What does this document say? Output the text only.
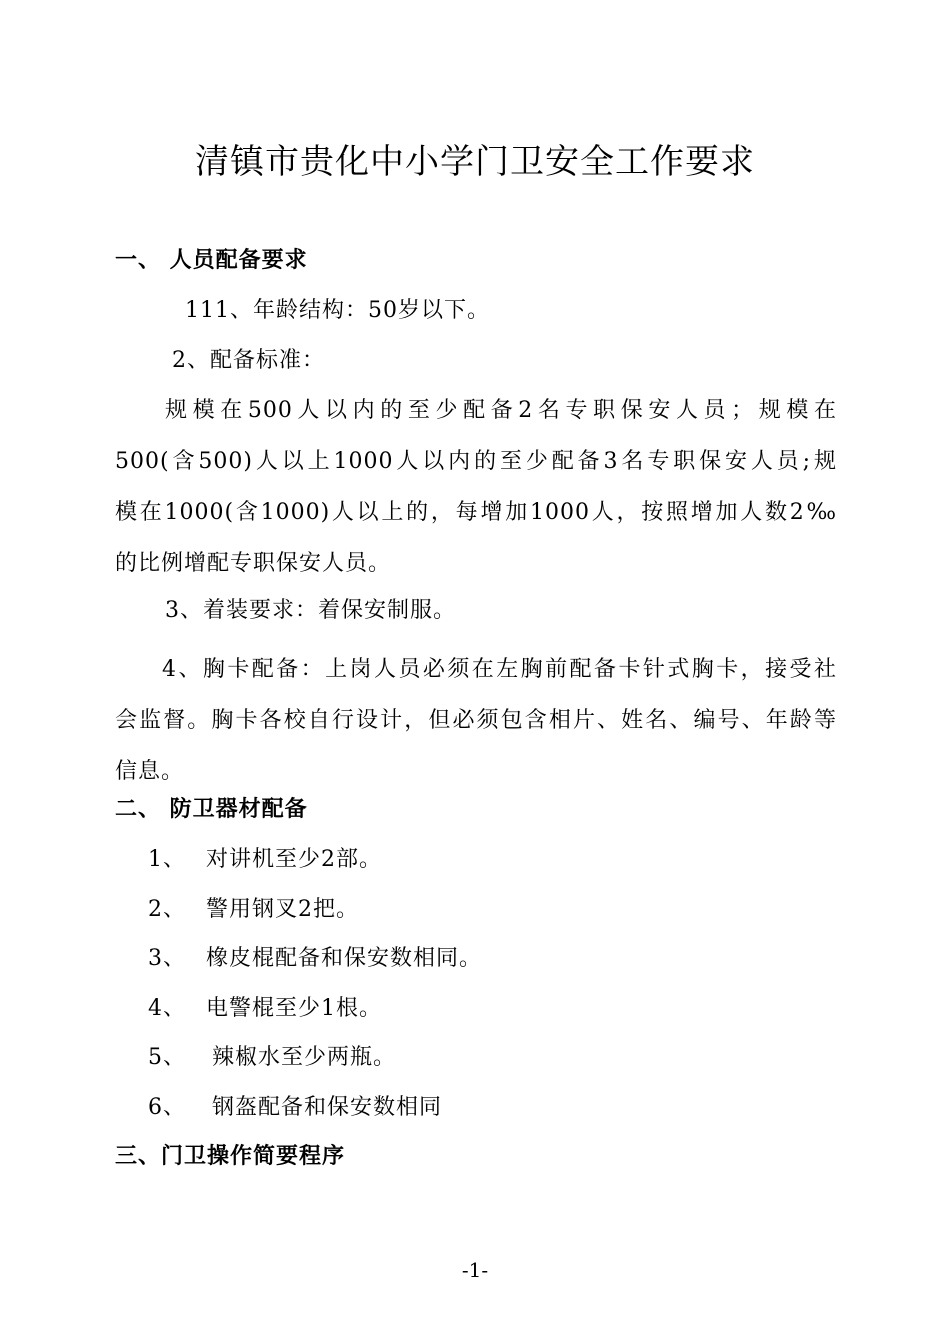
清镇市贵化中小学门卫安全工作要求
一、 人员配备要求
111、年龄结构：50岁以下。
2、配备标准：
规模在500人以内的至少配备2名专职保安人员；规模在
500(含500)人以上1000人以内的至少配备3名专职保安人员;规
模在1000(含1000)人以上的，每增加1000人，按照增加人数2‰
的比例增配专职保安人员。
3、着装要求：着保安制服。
4、胸卡配备：上岗人员必须在左胸前配备卡针式胸卡，接受社
会监督。胸卡各校自行设计，但必须包含相片、姓名、编号、年龄等
信息。
二、 防卫器材配备
1、 对讲机至少2部。
2、 警用钢叉2把。
3、 橡皮棍配备和保安数相同。
4、 电警棍至少1根。
5、 辣椒水至少两瓶。
6、 钢盔配备和保安数相同
三、门卫操作简要程序
-1-
